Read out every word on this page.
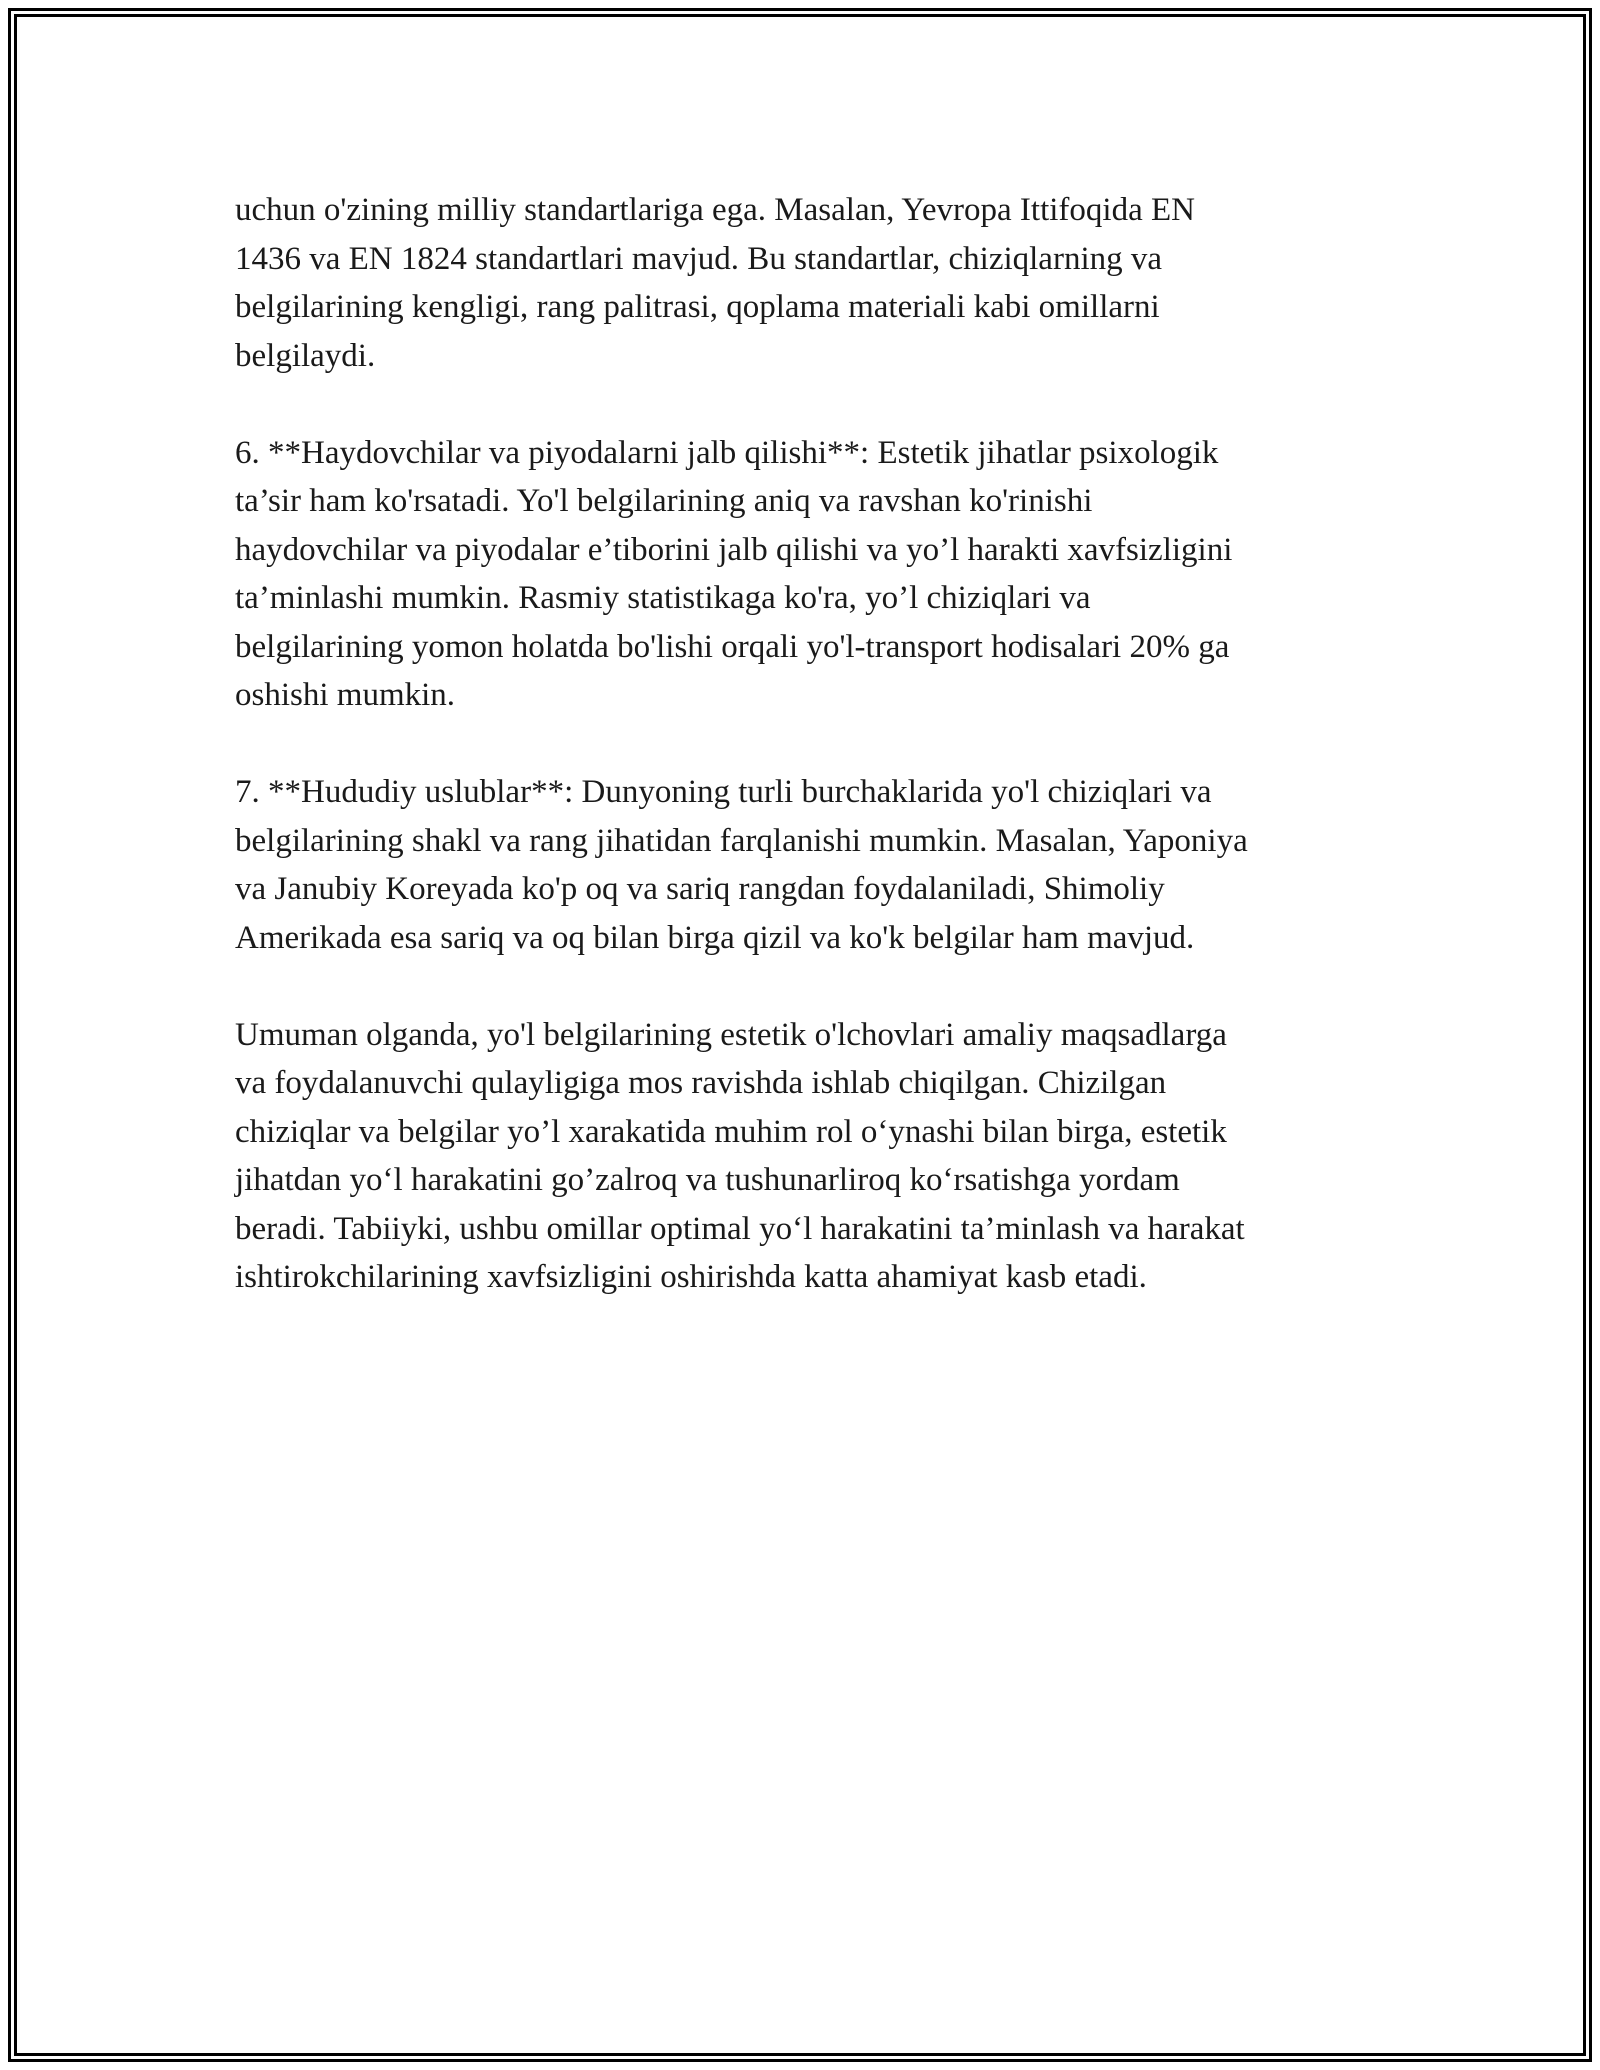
uchun o'zining milliy standartlariga ega. Masalan, Yevropa Ittifoqida EN
1436 va EN 1824 standartlari mavjud. Bu standartlar, chiziqlarning va
belgilarining kengligi, rang palitrasi, qoplama materiali kabi omillarni
belgilaydi.

6. **Haydovchilar va piyodalarni jalb qilishi**: Estetik jihatlar psixologik
ta’sir ham ko'rsatadi. Yo'l belgilarining aniq va ravshan ko'rinishi
haydovchilar va piyodalar e’tiborini jalb qilishi va yo’l harakti xavfsizligini
ta’minlashi mumkin. Rasmiy statistikaga ko'ra, yo’l chiziqlari va
belgilarining yomon holatda bo'lishi orqali yo'l-transport hodisalari 20% ga
oshishi mumkin.

7. **Hududiy uslublar**: Dunyoning turli burchaklarida yo'l chiziqlari va
belgilarining shakl va rang jihatidan farqlanishi mumkin. Masalan, Yaponiya
va Janubiy Koreyada ko'p oq va sariq rangdan foydalaniladi, Shimoliy
Amerikada esa sariq va oq bilan birga qizil va ko'k belgilar ham mavjud.

Umuman olganda, yo'l belgilarining estetik o'lchovlari amaliy maqsadlarga
va foydalanuvchi qulayligiga mos ravishda ishlab chiqilgan. Chizilgan
chiziqlar va belgilar yo’l xarakatida muhim rol o‘ynashi bilan birga, estetik
jihatdan yo‘l harakatini go’zalroq va tushunarliroq ko‘rsatishga yordam
beradi. Tabiiyki, ushbu omillar optimal yo‘l harakatini ta’minlash va harakat
ishtirokchilarining xavfsizligini oshirishda katta ahamiyat kasb etadi.
